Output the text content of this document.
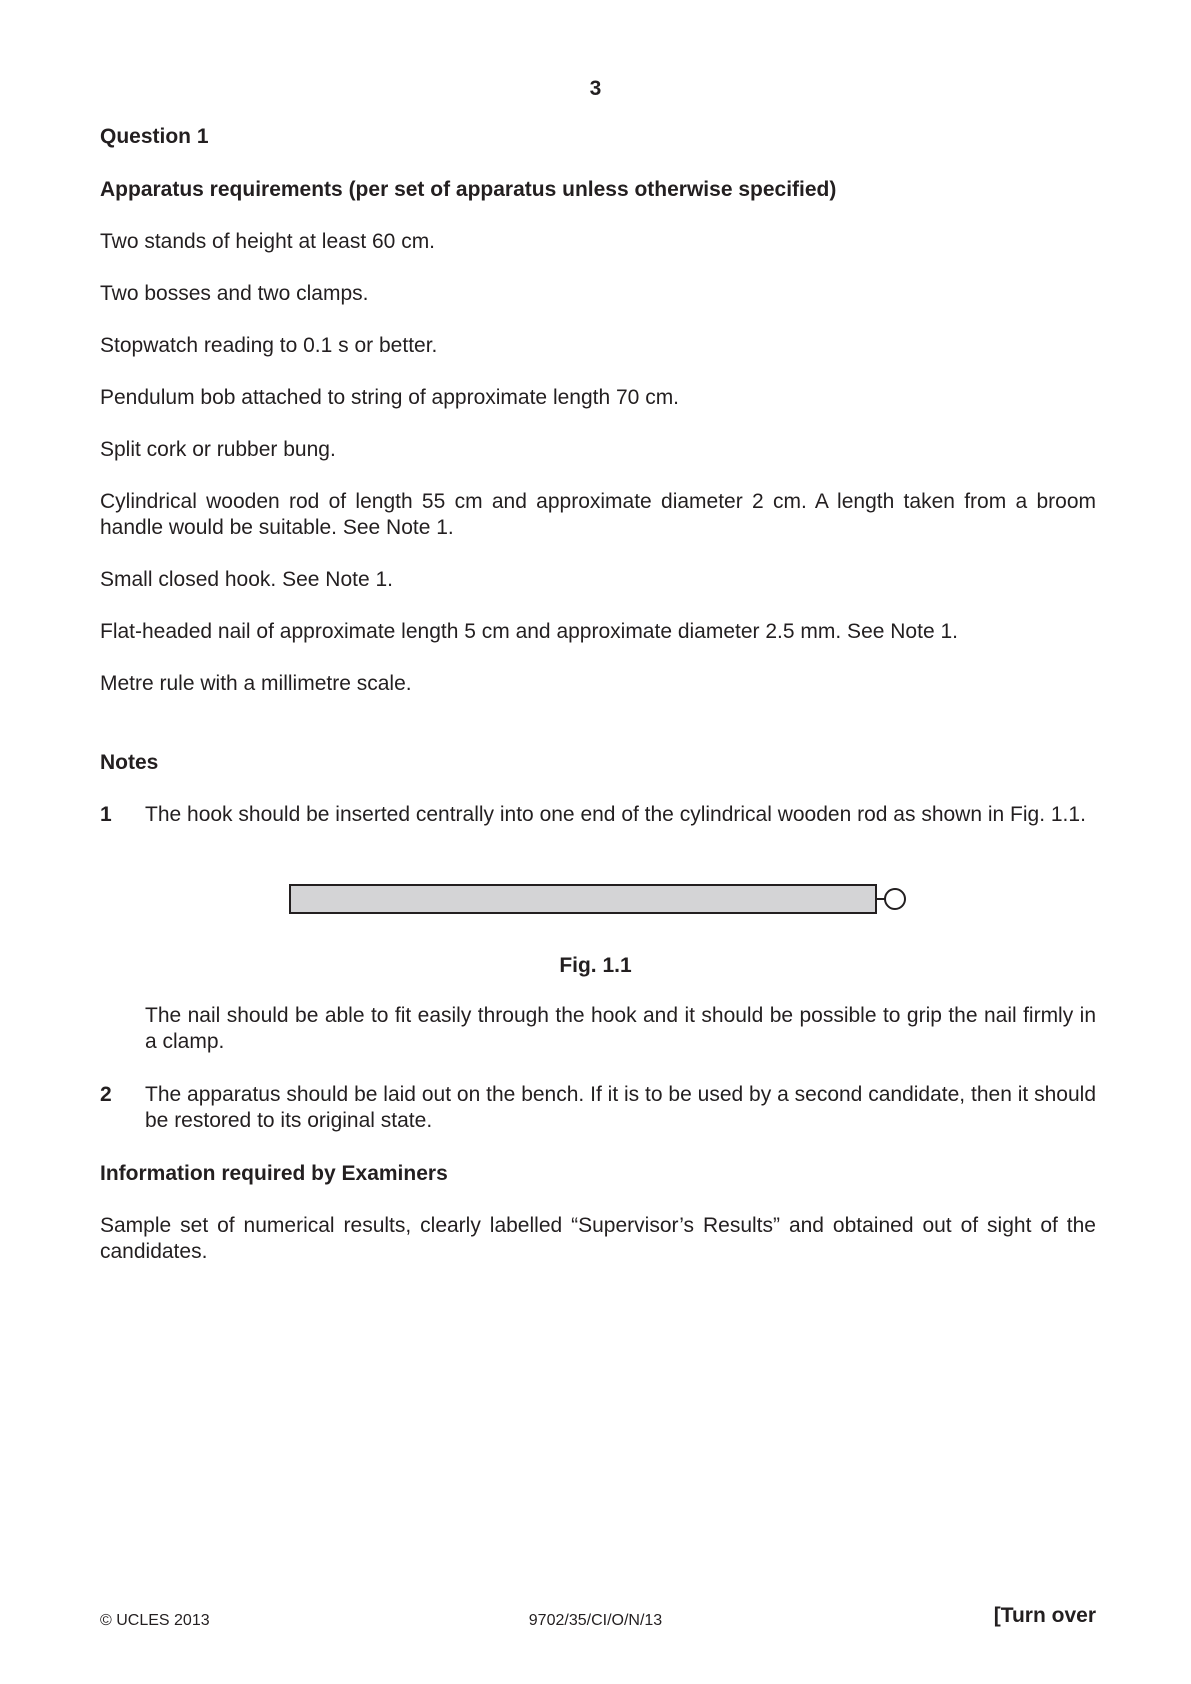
3
Question 1
Apparatus requirements (per set of apparatus unless otherwise specified)
Two stands of height at least 60 cm.
Two bosses and two clamps.
Stopwatch reading to 0.1 s or better.
Pendulum bob attached to string of approximate length 70 cm.
Split cork or rubber bung.
Cylindrical wooden rod of length 55 cm and approximate diameter 2 cm. A length taken from a broom handle would be suitable. See Note 1.
Small closed hook. See Note 1.
Flat-headed nail of approximate length 5 cm and approximate diameter 2.5 mm. See Note 1.
Metre rule with a millimetre scale.
Notes
1 The hook should be inserted centrally into one end of the cylindrical wooden rod as shown in Fig. 1.1.
Fig. 1.1
The nail should be able to fit easily through the hook and it should be possible to grip the nail firmly in a clamp.
2 The apparatus should be laid out on the bench. If it is to be used by a second candidate, then it should be restored to its original state.
Information required by Examiners
Sample set of numerical results, clearly labelled “Supervisor’s Results” and obtained out of sight of the candidates.
© UCLES 2013	9702/35/CI/O/N/13	[Turn over
